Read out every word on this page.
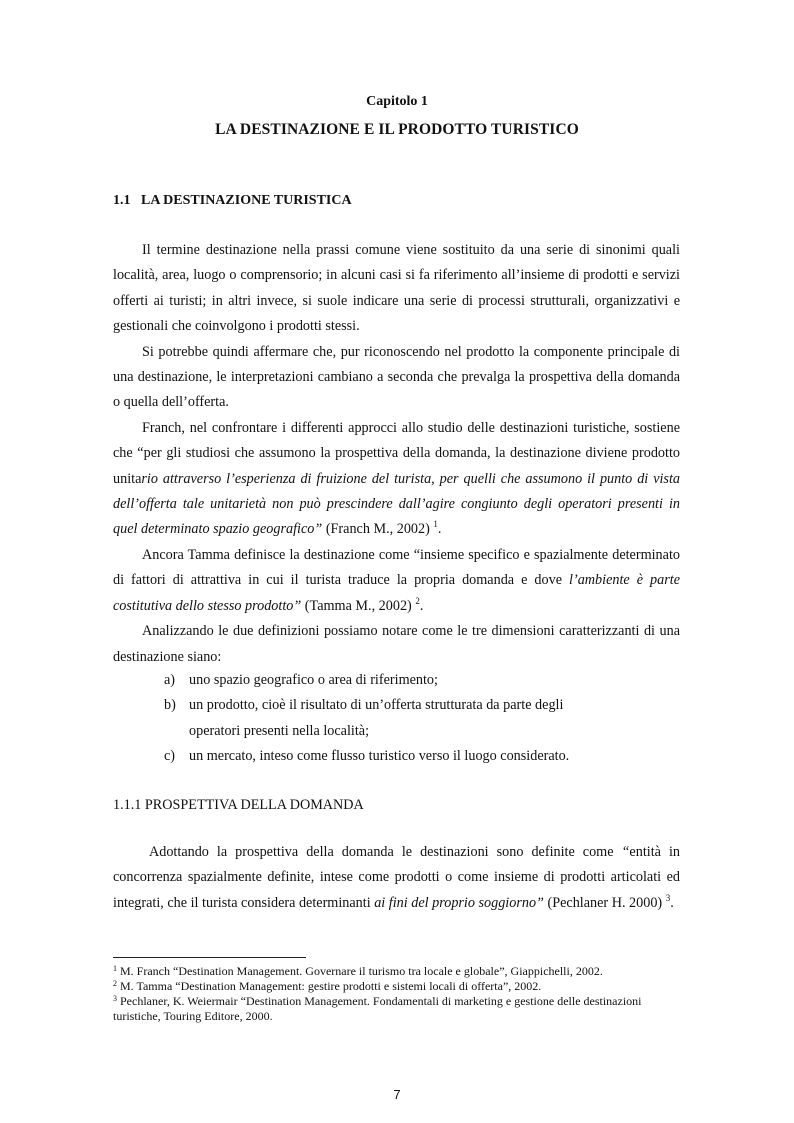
Capitolo 1
LA DESTINAZIONE E IL PRODOTTO TURISTICO
1.1 LA DESTINAZIONE TURISTICA

Il termine destinazione nella prassi comune viene sostituito da una serie di sinonimi quali località, area, luogo o comprensorio; in alcuni casi si fa riferimento all’insieme di prodotti e servizi offerti ai turisti; in altri invece, si suole indicare una serie di processi strutturali, organizzativi e gestionali che coinvolgono i prodotti stessi.

Si potrebbe quindi affermare che, pur riconoscendo nel prodotto la componente principale di una destinazione, le interpretazioni cambiano a seconda che prevalga la prospettiva della domanda o quella dell’offerta.

Franch, nel confrontare i differenti approcci allo studio delle destinazioni turistiche, sostiene che “per gli studiosi che assumono la prospettiva della domanda, la destinazione diviene prodotto unitario attraverso l’esperienza di fruizione del turista, per quelli che assumono il punto di vista dell’offerta tale unitarietà non può prescindere dall’agire congiunto degli operatori presenti in quel determinato spazio geografico” (Franch M., 2002) $^1$.

Ancora Tamma definisce la destinazione come “insieme specifico e spazialmente determinato di fattori di attrattiva in cui il turista traduce la propria domanda e dove l’ambiente è parte costitutiva dello stesso prodotto” (Tamma M., 2002) $^2$.

Analizzando le due definizioni possiamo notare come le tre dimensioni caratterizzanti di una destinazione siano:

a) uno spazio geografico o area di riferimento;
b) un prodotto, cioè il risultato di un’offerta strutturata da parte degli operatori presenti nella località;
c) un mercato, inteso come flusso turistico verso il luogo considerato.
1.1.1 PROSPETTIVA DELLA DOMANDA

Adottando la prospettiva della domanda le destinazioni sono definite come “entità in concorrenza spazialmente definite, intese come prodotti o come insieme di prodotti articolati ed integrati, che il turista considera determinanti ai fini del proprio soggiorno” (Pechlaner H. 2000) $^3$.

$^1$ M. Franch “Destination Management. Governare il turismo tra locale e globale”, Giappichelli, 2002.

$^2$ M. Tamma “Destination Management: gestire prodotti e sistemi locali di offerta”, 2002.

$^3$ Pechlaner, K. Weiermair “Destination Management. Fondamentali di marketing e gestione delle destinazioni turistiche, Touring Editore, 2000.

7
